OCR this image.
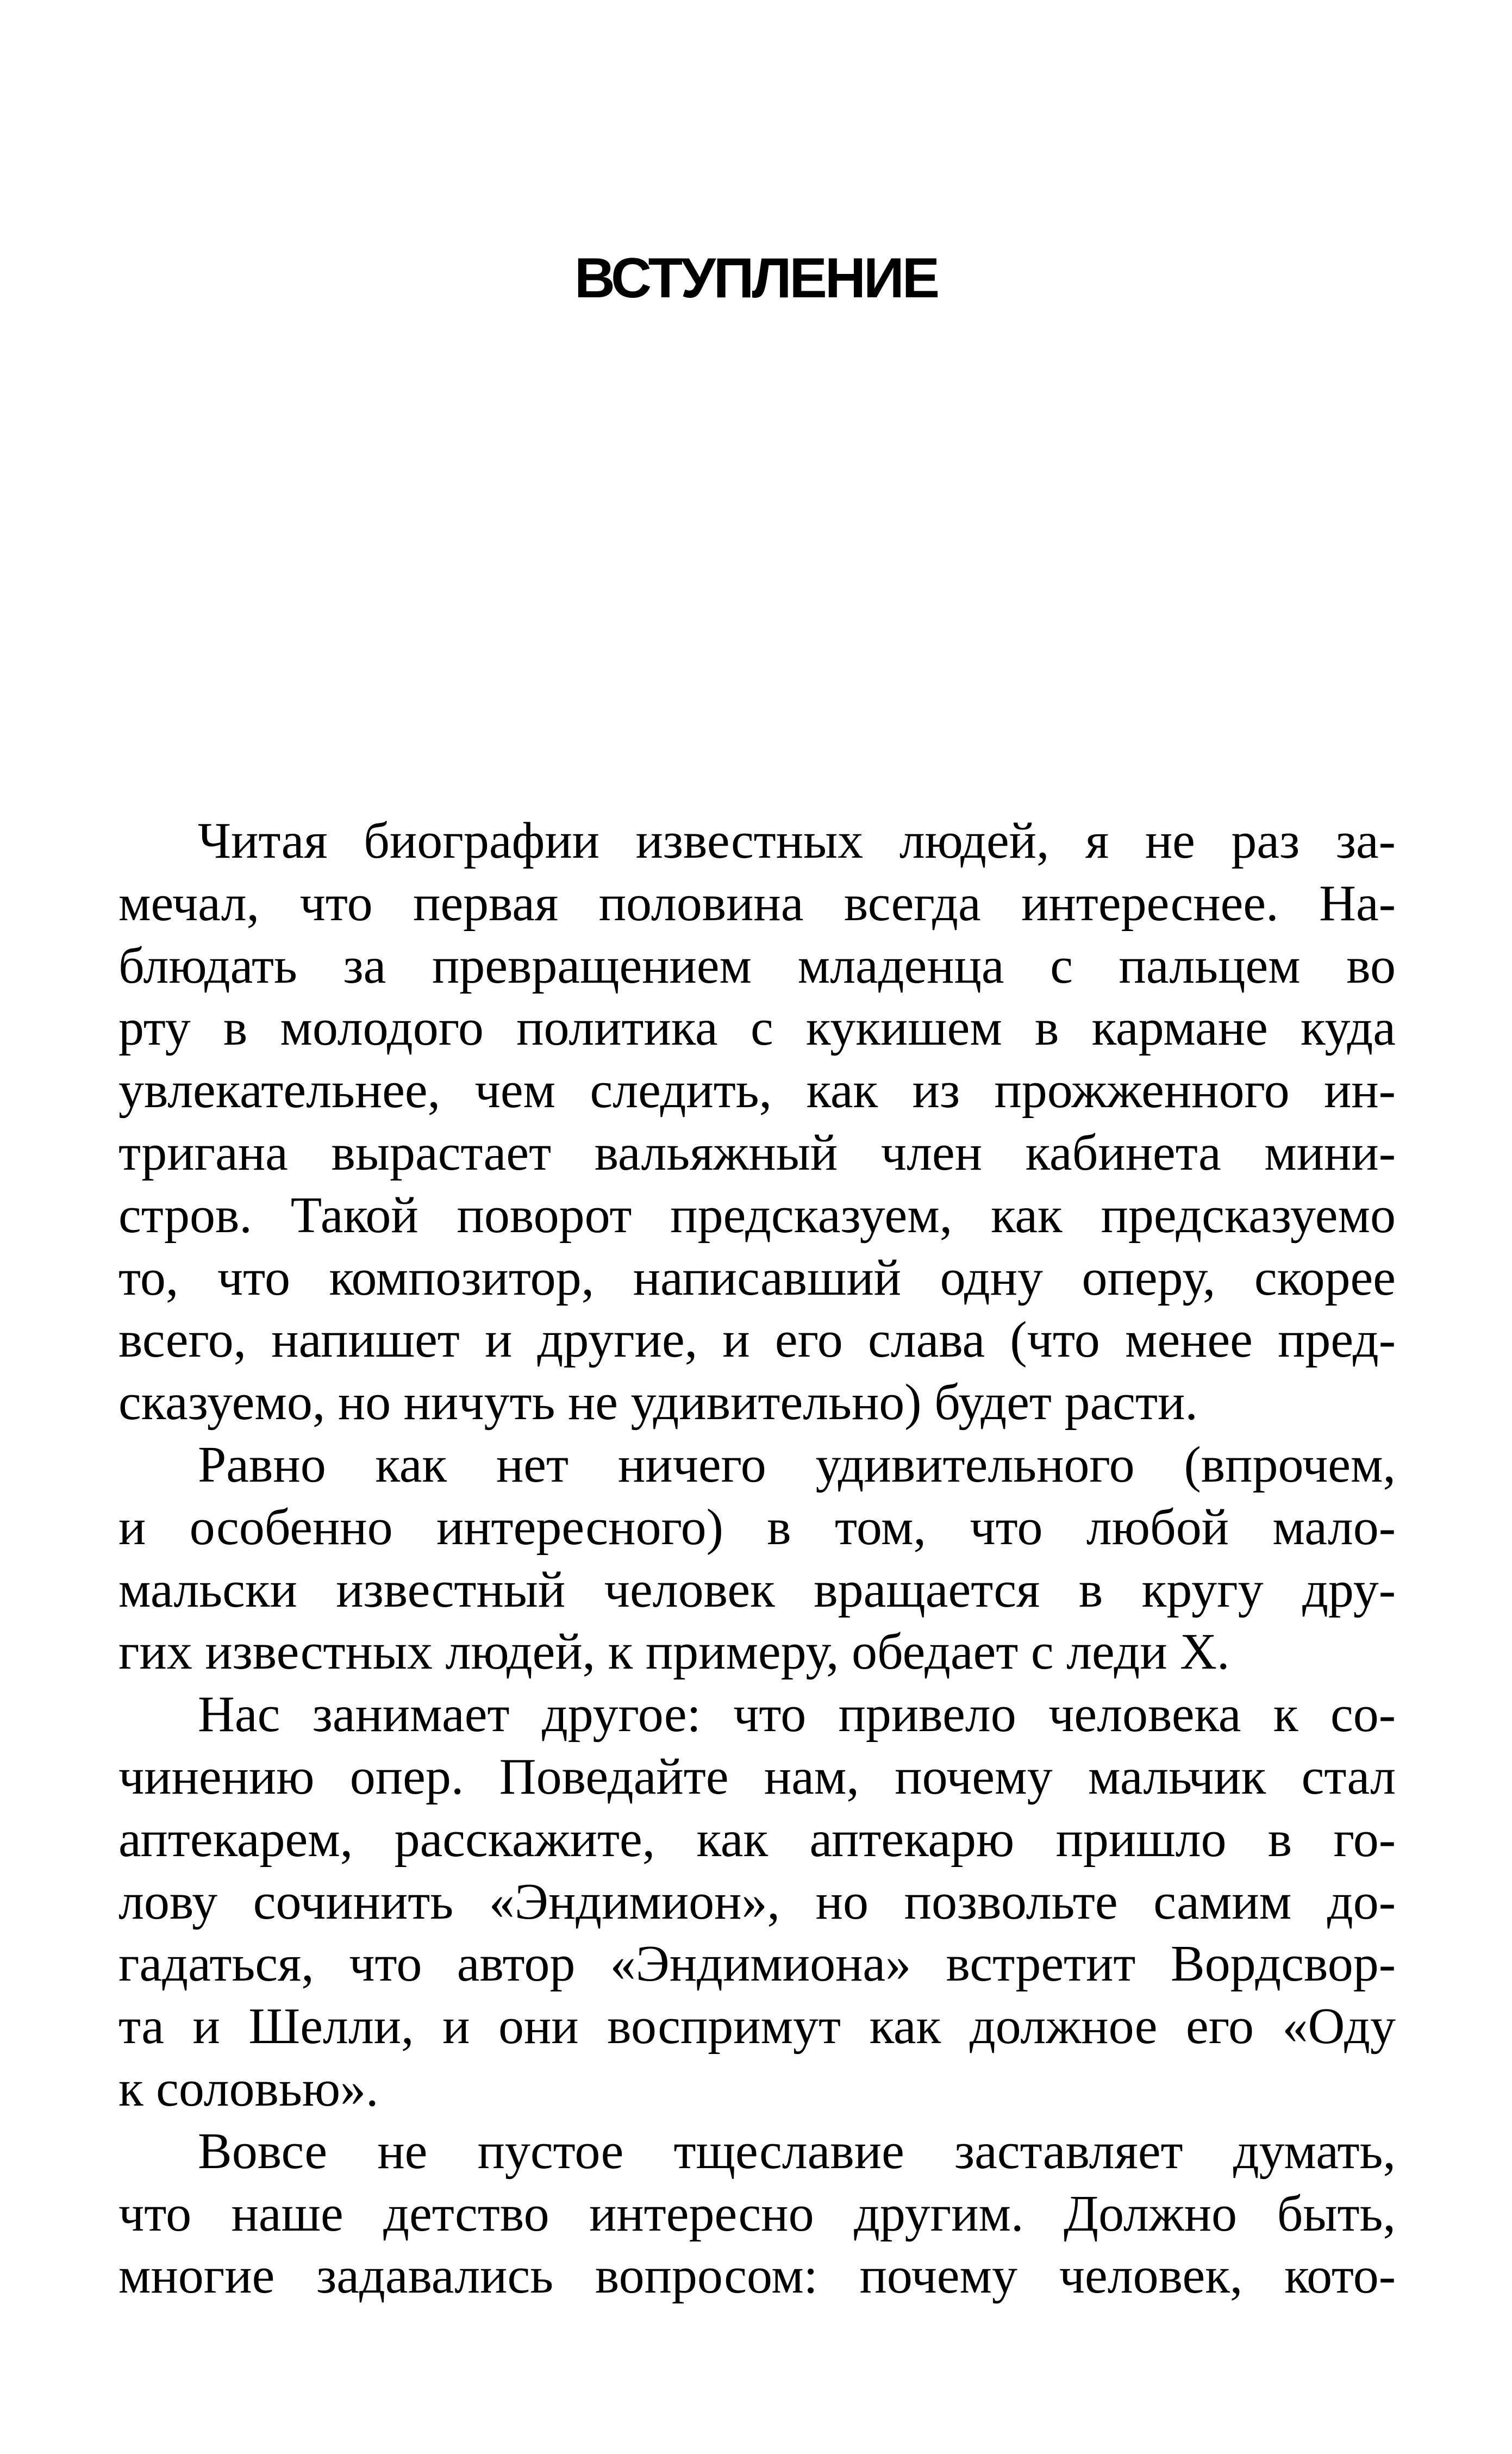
ВСТУПЛЕНИЕ
Читая биографии известных людей, я не раз за-
мечал, что первая половина всегда интереснее. На-
блюдать за превращением младенца с пальцем во
рту в молодого политика с кукишем в кармане куда
увлекательнее, чем следить, как из прожженного ин-
тригана вырастает вальяжный член кабинета мини-
стров. Такой поворот предсказуем, как предсказуемо
то, что композитор, написавший одну оперу, скорее
всего, напишет и другие, и его слава (что менее пред-
сказуемо, но ничуть не удивительно) будет расти.
Равно как нет ничего удивительного (впрочем,
и особенно интересного) в том, что любой мало-
мальски известный человек вращается в кругу дру-
гих известных людей, к примеру, обедает с леди X.
Нас занимает другое: что привело человека к со-
чинению опер. Поведайте нам, почему мальчик стал
аптекарем, расскажите, как аптекарю пришло в го-
лову сочинить «Эндимион», но позвольте самим до-
гадаться, что автор «Эндимиона» встретит Вордсвор-
та и Шелли, и они воспримут как должное его «Оду
к соловью».
Вовсе не пустое тщеславие заставляет думать,
что наше детство интересно другим. Должно быть,
многие задавались вопросом: почему человек, кото-
